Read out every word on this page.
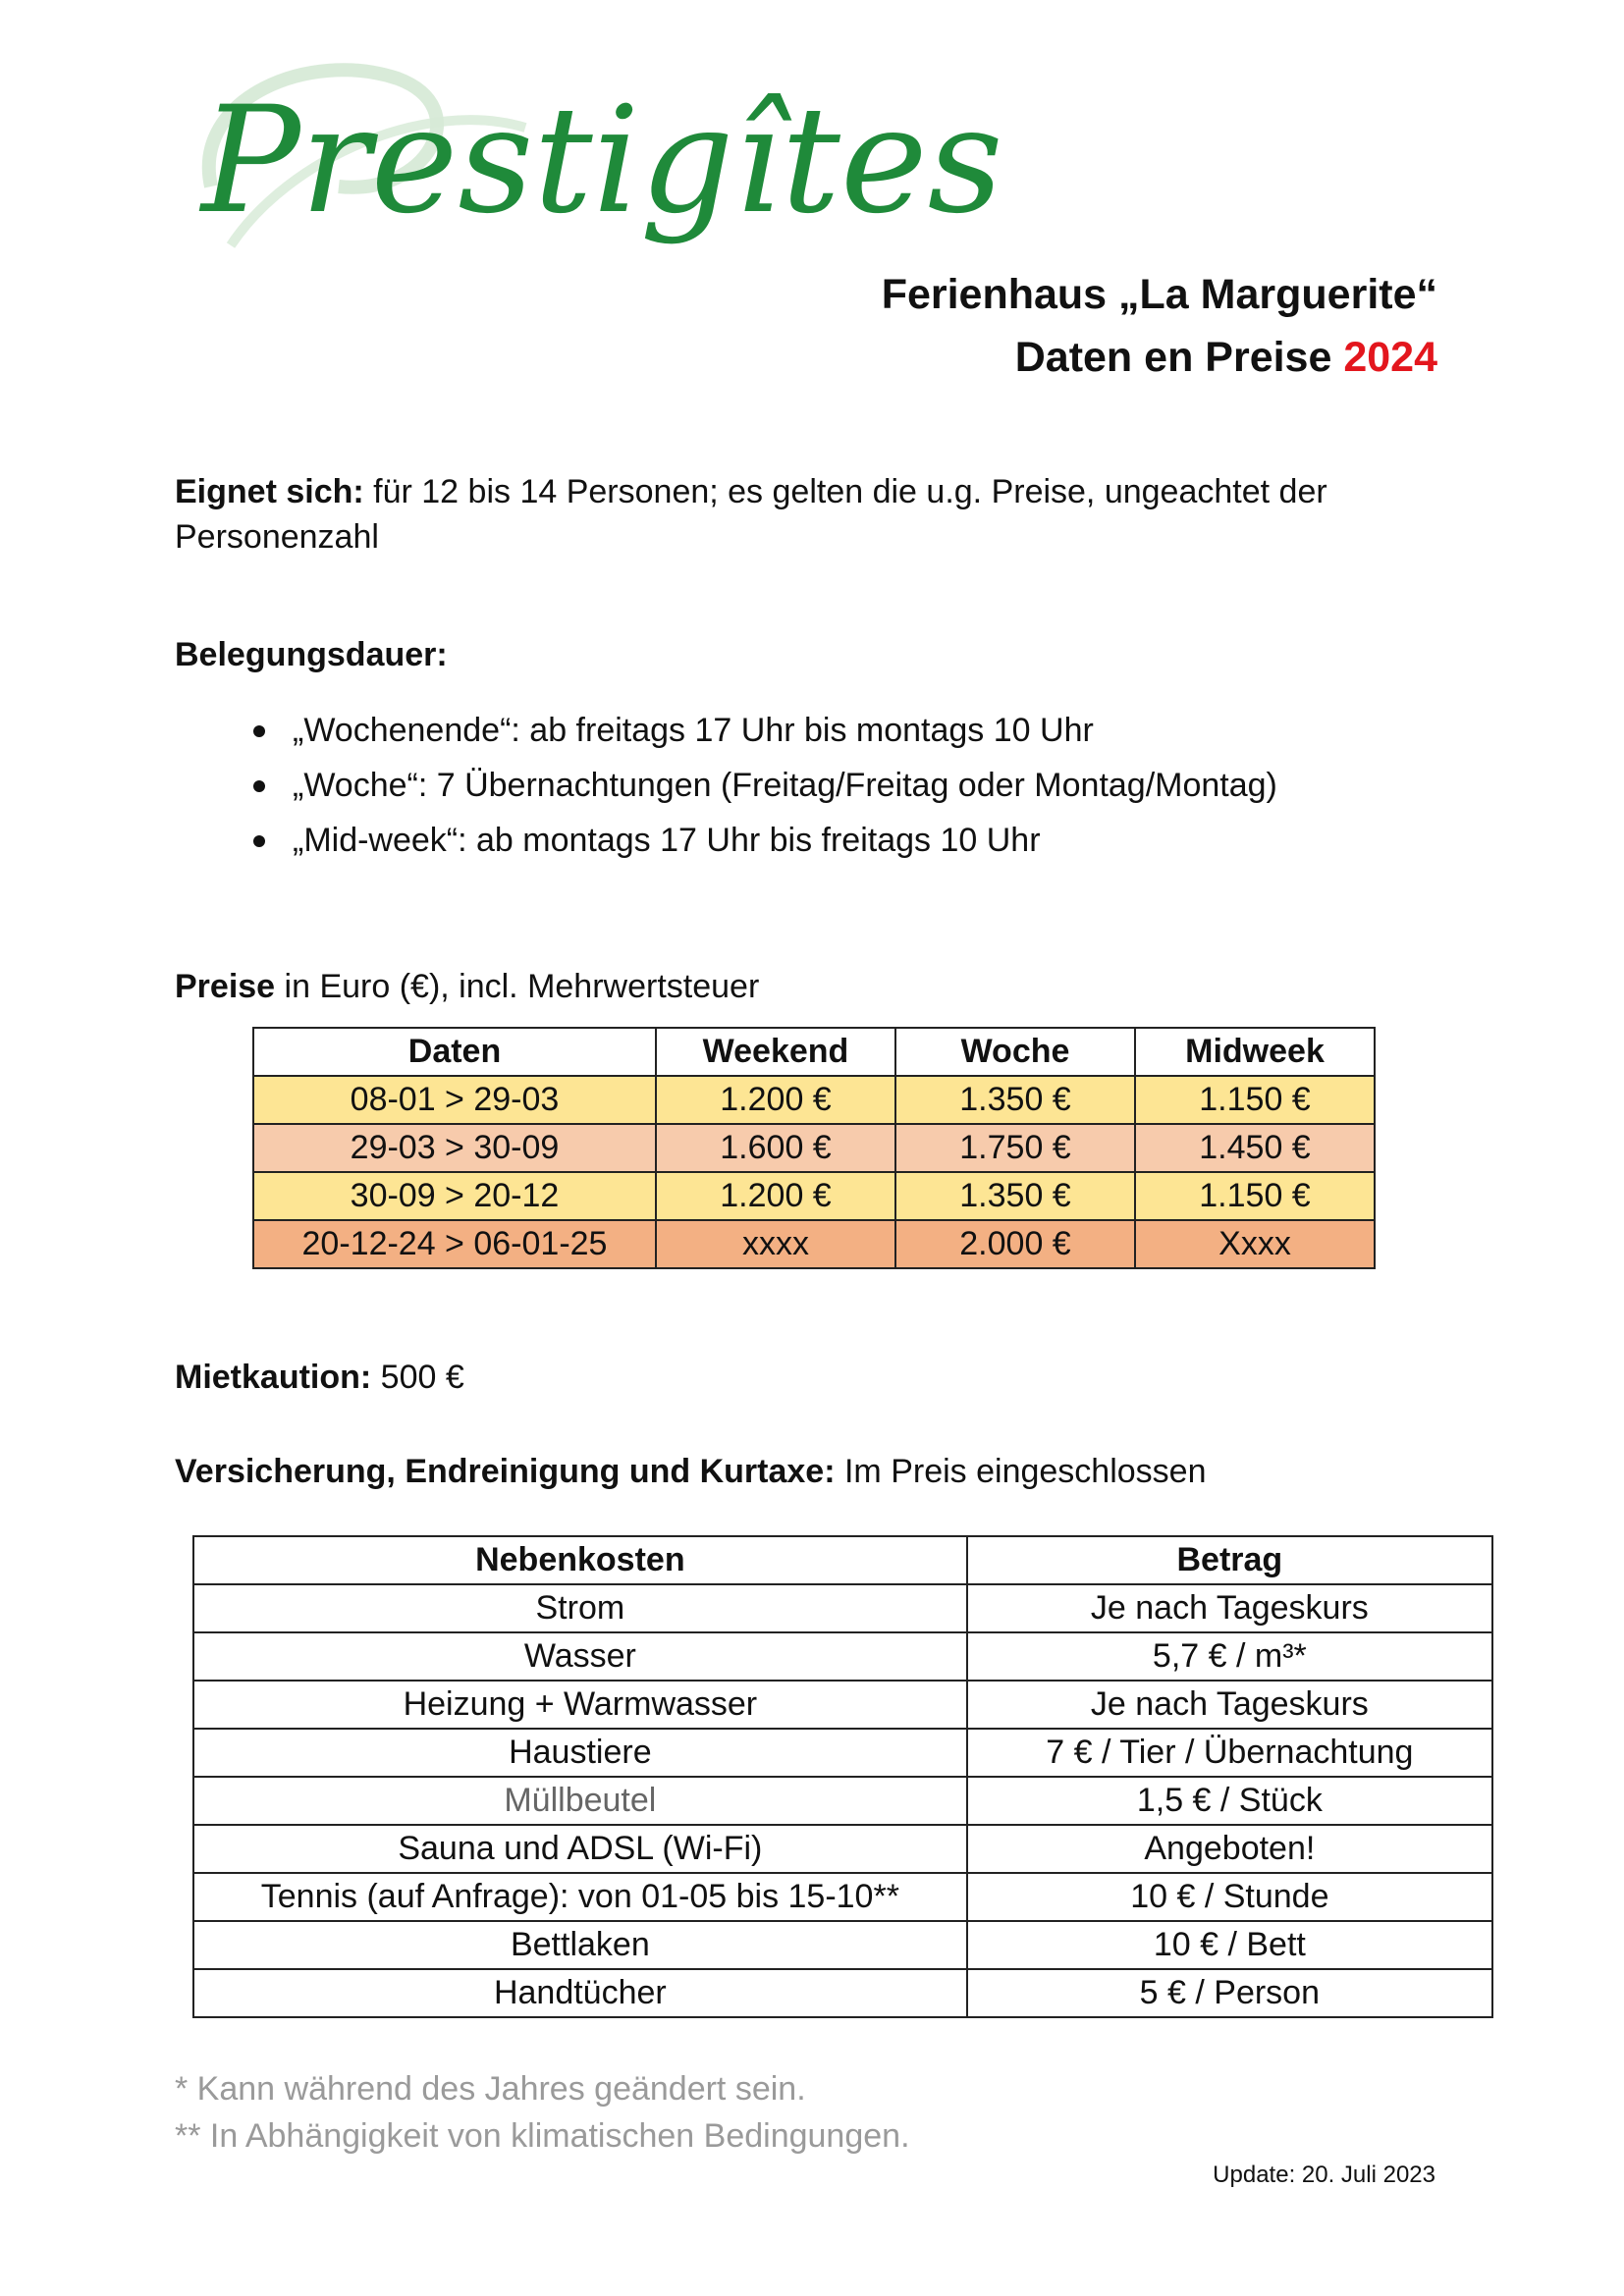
Prestigîtes
Ferienhaus „La Marguerite“
Daten en Preise 2024
Eignet sich: für 12 bis 14 Personen; es gelten die u.g. Preise, ungeachtet der Personenzahl
Belegungsdauer:
„Wochenende“: ab freitags 17 Uhr bis montags 10 Uhr
„Woche“: 7 Übernachtungen (Freitag/Freitag oder Montag/Montag)
„Mid-week“: ab montags 17 Uhr bis freitags 10 Uhr
Preise in Euro (€), incl. Mehrwertsteuer
Daten	Weekend	Woche	Midweek
08-01 > 29-03	1.200 €	1.350 €	1.150 €
29-03 > 30-09	1.600 €	1.750 €	1.450 €
30-09 > 20-12	1.200 €	1.350 €	1.150 €
20-12-24 > 06-01-25	xxxx	2.000 €	Xxxx
Mietkaution: 500 €
Versicherung, Endreinigung und Kurtaxe: Im Preis eingeschlossen
Nebenkosten	Betrag
Strom	Je nach Tageskurs
Wasser	5,7 € / m³*
Heizung + Warmwasser	Je nach Tageskurs
Haustiere	7 € / Tier / Übernachtung
Müllbeutel	1,5 € / Stück
Sauna und ADSL (Wi-Fi)	Angeboten!
Tennis (auf Anfrage): von 01-05 bis 15-10**	10 € / Stunde
Bettlaken	10 € / Bett
Handtücher	5 € / Person
* Kann während des Jahres geändert sein.
** In Abhängigkeit von klimatischen Bedingungen.
Update: 20. Juli 2023
